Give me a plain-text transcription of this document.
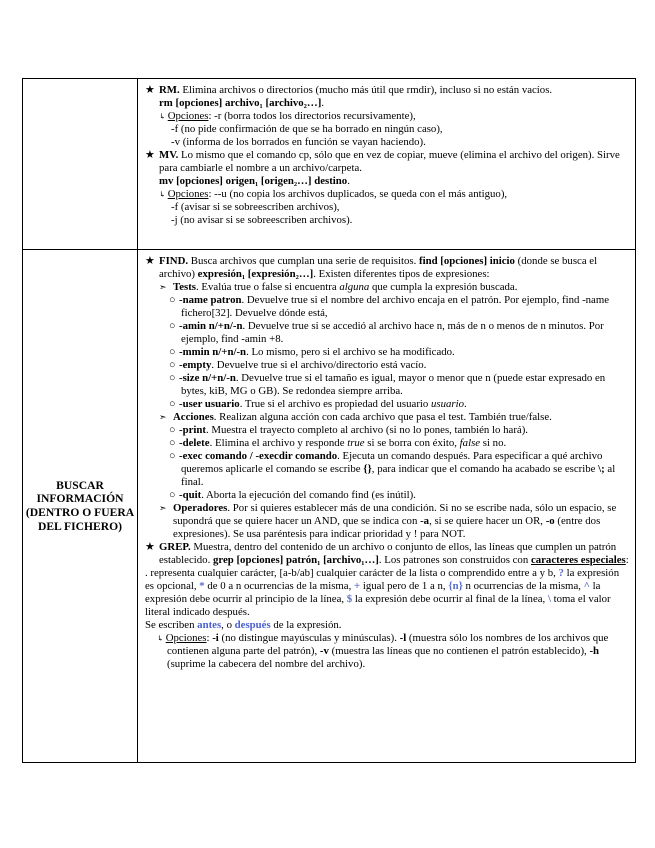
★ RM. Elimina archivos o directorios (mucho más útil que rmdir), incluso si no están vacíos.

rm [opciones] archivo₁ [archivo₂…].

↳ Opciones: -r (borra todos los directorios recursivamente),

-f (no pide confirmación de que se ha borrado en ningún caso),

-v (informa de los borrados en función se vayan haciendo).

★ MV. Lo mismo que el comando cp, sólo que en vez de copiar, mueve (elimina el archivo del origen). Sirve para cambiarle el nombre a un archivo/carpeta.

mv [opciones] origen₁ [origen₂…] destino.

↳ Opciones: --u (no copia los archivos duplicados, se queda con el más antiguo),

-f (avisar si se sobreescriben archivos),

-j (no avisar si se sobreescriben archivos).

BUSCAR INFORMACIÓN (DENTRO O FUERA DEL FICHERO)

★ FIND. Busca archivos que cumplan una serie de requisitos. find [opciones] inicio (donde se busca el archivo) expresión₁ [expresión₂…]. Existen diferentes tipos de expresiones:

➣ Tests. Evalúa true o false si encuentra alguna que cumpla la expresión buscada.

○ -name patron. Devuelve true si el nombre del archivo encaja en el patrón. Por ejemplo, find -name fichero[32]. Devuelve dónde está,
○ -amin n/+n/-n. Devuelve true si se accedió al archivo hace n, más de n o menos de n minutos. Por ejemplo, find -amin +8.
○ -mmin n/+n/-n. Lo mismo, pero si el archivo se ha modificado.
○ -empty. Devuelve true si el archivo/directorio está vacío.
○ -size n/+n/-n. Devuelve true si el tamaño es igual, mayor o menor que n (puede estar expresado en bytes, kiB, MG o GB). Se redondea siempre arriba.
○ -user usuario. True si el archivo es propiedad del usuario usuario.

➣ Acciones. Realizan alguna acción con cada archivo que pasa el test. También true/false.

○ -print. Muestra el trayecto completo al archivo (si no lo pones, también lo hará).
○ -delete. Elimina el archivo y responde true si se borra con éxito, false si no.
○ -exec comando / -execdir comando. Ejecuta un comando después. Para especificar a qué archivo queremos aplicarle el comando se escribe {}, para indicar que el comando ha acabado se escribe \; al final.
○ -quit. Aborta la ejecución del comando find (es inútil).

➣ Operadores. Por si quieres establecer más de una condición. Si no se escribe nada, sólo un espacio, se supondrá que se quiere hacer un AND, que se indica con -a, si se quiere hacer un OR, -o (entre dos expresiones). Se usa paréntesis para indicar prioridad y ! para NOT.

★ GREP. Muestra, dentro del contenido de un archivo o conjunto de ellos, las líneas que cumplen un patrón establecido. grep [opciones] patrón₁ [archivo₁…]. Los patrones son construidos con caracteres especiales:

. representa cualquier carácter, [a-b/ab] cualquier carácter de la lista o comprendido entre a y b, ? la expresión es opcional, * de 0 a n ocurrencias de la misma, + igual pero de 1 a n, {n} n ocurrencias de la misma, ^ la expresión debe ocurrir al principio de la línea, $ la expresión debe ocurrir al final de la línea, \ toma el valor literal indicado después.

Se escriben antes, o después de la expresión.

↳ Opciones: -i (no distingue mayúsculas y minúsculas). -l (muestra sólo los nombres de los archivos que contienen alguna parte del patrón), -v (muestra las líneas que no contienen el patrón establecido), -h (suprime la cabecera del nombre del archivo).
